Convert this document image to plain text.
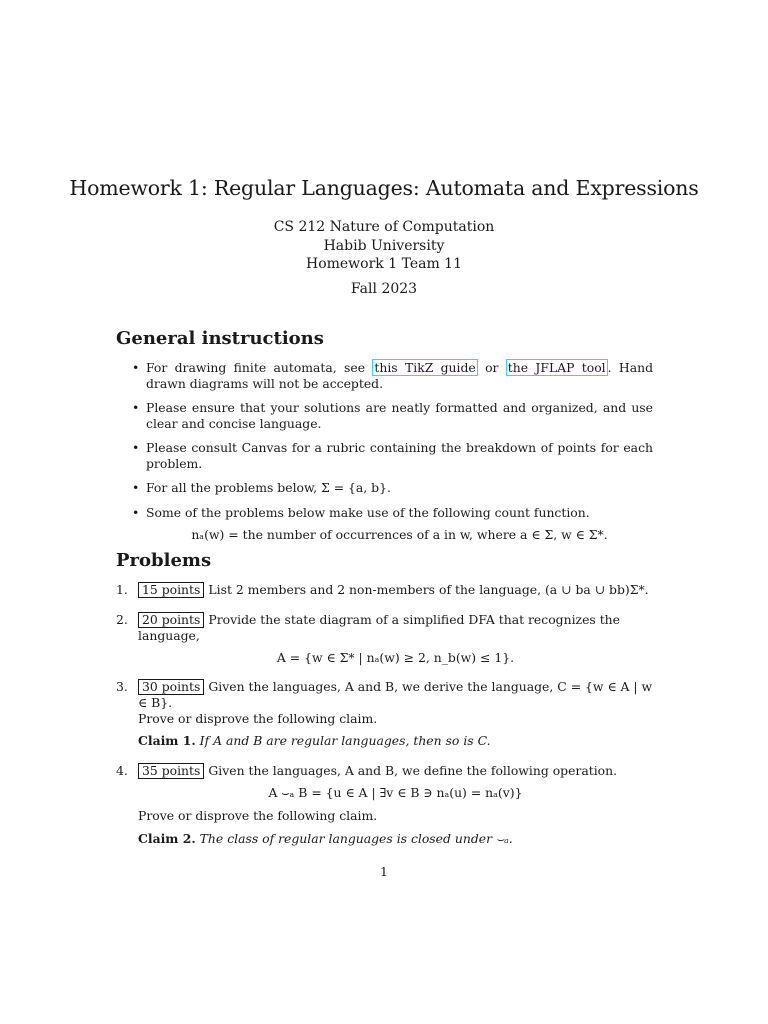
Homework 1: Regular Languages: Automata and Expressions
CS 212 Nature of Computation
Habib University
Homework 1 Team 11
Fall 2023
General instructions
• For drawing finite automata, see this TikZ guide or the JFLAP tool . Hand drawn diagrams will not be accepted.
• Please ensure that your solutions are neatly formatted and organized, and use clear and concise language.
• Please consult Canvas for a rubric containing the breakdown of points for each problem.
• For all the problems below, Σ = {a, b}.
• Some of the problems below make use of the following count function.
nₐ(w) = the number of occurrences of a in w, where a ∈ Σ, w ∈ Σ*.
Problems
1. 15 points List 2 members and 2 non-members of the language, (a ∪ ba ∪ bb)Σ*.
2. 20 points Provide the state diagram of a simplified DFA that recognizes the language,
A = {w ∈ Σ* | nₐ(w) ≥ 2, n_b(w) ≤ 1}.
3. 30 points Given the languages, A and B, we derive the language, C = {w ∈ A | w ∈ B}.
Prove or disprove the following claim.
Claim 1. If A and B are regular languages, then so is C.
4. 35 points Given the languages, A and B, we define the following operation.
A ⌣ₐ B = {u ∈ A | ∃v ∈ B ∋ nₐ(u) = nₐ(v)}
Prove or disprove the following claim.
Claim 2. The class of regular languages is closed under ⌣ₐ.
1
